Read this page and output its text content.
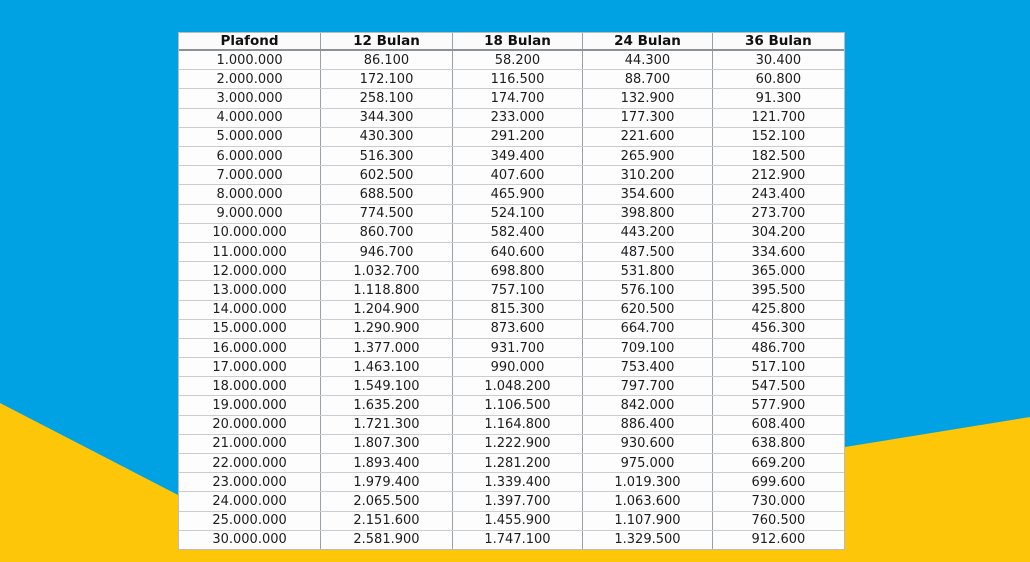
Plafond	12 Bulan	18 Bulan	24 Bulan	36 Bulan
1.000.000	86.100	58.200	44.300	30.400
2.000.000	172.100	116.500	88.700	60.800
3.000.000	258.100	174.700	132.900	91.300
4.000.000	344.300	233.000	177.300	121.700
5.000.000	430.300	291.200	221.600	152.100
6.000.000	516.300	349.400	265.900	182.500
7.000.000	602.500	407.600	310.200	212.900
8.000.000	688.500	465.900	354.600	243.400
9.000.000	774.500	524.100	398.800	273.700
10.000.000	860.700	582.400	443.200	304.200
11.000.000	946.700	640.600	487.500	334.600
12.000.000	1.032.700	698.800	531.800	365.000
13.000.000	1.118.800	757.100	576.100	395.500
14.000.000	1.204.900	815.300	620.500	425.800
15.000.000	1.290.900	873.600	664.700	456.300
16.000.000	1.377.000	931.700	709.100	486.700
17.000.000	1.463.100	990.000	753.400	517.100
18.000.000	1.549.100	1.048.200	797.700	547.500
19.000.000	1.635.200	1.106.500	842.000	577.900
20.000.000	1.721.300	1.164.800	886.400	608.400
21.000.000	1.807.300	1.222.900	930.600	638.800
22.000.000	1.893.400	1.281.200	975.000	669.200
23.000.000	1.979.400	1.339.400	1.019.300	699.600
24.000.000	2.065.500	1.397.700	1.063.600	730.000
25.000.000	2.151.600	1.455.900	1.107.900	760.500
30.000.000	2.581.900	1.747.100	1.329.500	912.600
